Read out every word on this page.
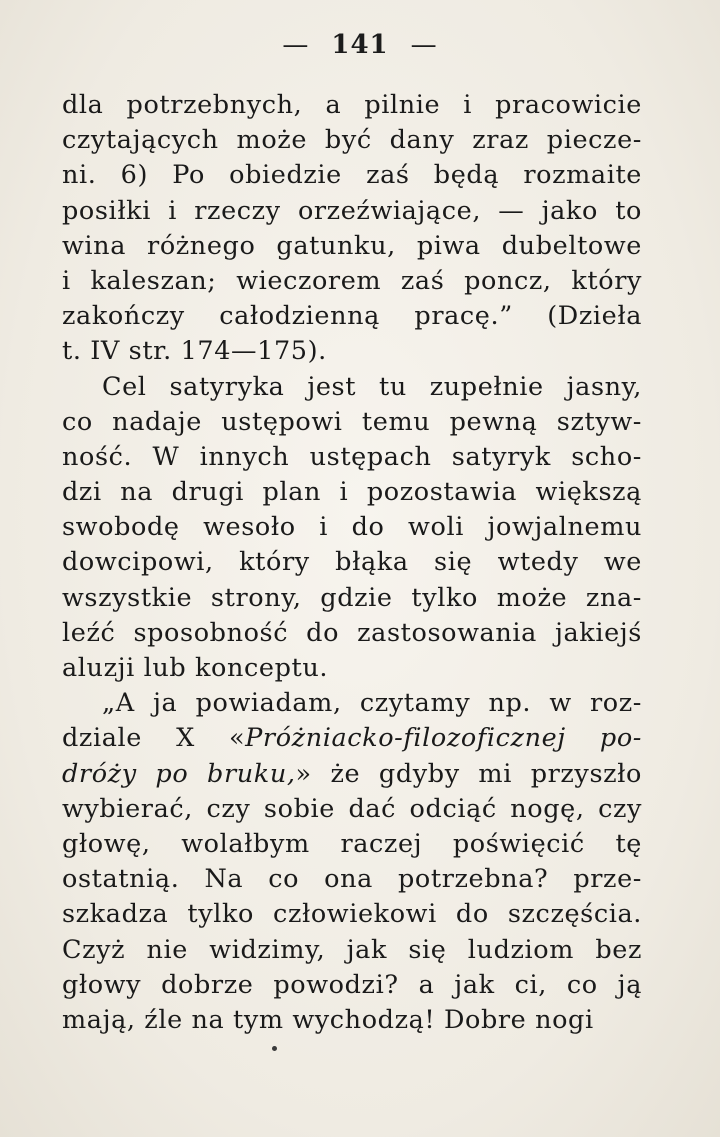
— 141 —
dla potrzebnych, a pilnie i pracowicie
czytających może być dany zraz piecze-
ni. 6) Po obiedzie zaś będą rozmaite
posiłki i rzeczy orzeźwiające, — jako to
wina różnego gatunku, piwa dubeltowe
i kaleszan; wieczorem zaś poncz, który
zakończy całodzienną pracę.” (Dzieła
t. IV str. 174—175).
Cel satyryka jest tu zupełnie jasny,
co nadaje ustępowi temu pewną sztyw-
ność. W innych ustępach satyryk scho-
dzi na drugi plan i pozostawia większą
swobodę wesoło i do woli jowjalnemu
dowcipowi, który błąka się wtedy we
wszystkie strony, gdzie tylko może zna-
leźć sposobność do zastosowania jakiejś
aluzji lub konceptu.
„A ja powiadam, czytamy np. w roz-
dziale X «Próżniacko-filozoficznej po-
dróży po bruku,» że gdyby mi przyszło
wybierać, czy sobie dać odciąć nogę, czy
głowę, wolałbym raczej poświęcić tę
ostatnią. Na co ona potrzebna? prze-
szkadza tylko człowiekowi do szczęścia.
Czyż nie widzimy, jak się ludziom bez
głowy dobrze powodzi? a jak ci, co ją
mają, źle na tym wychodzą! Dobre nogi
